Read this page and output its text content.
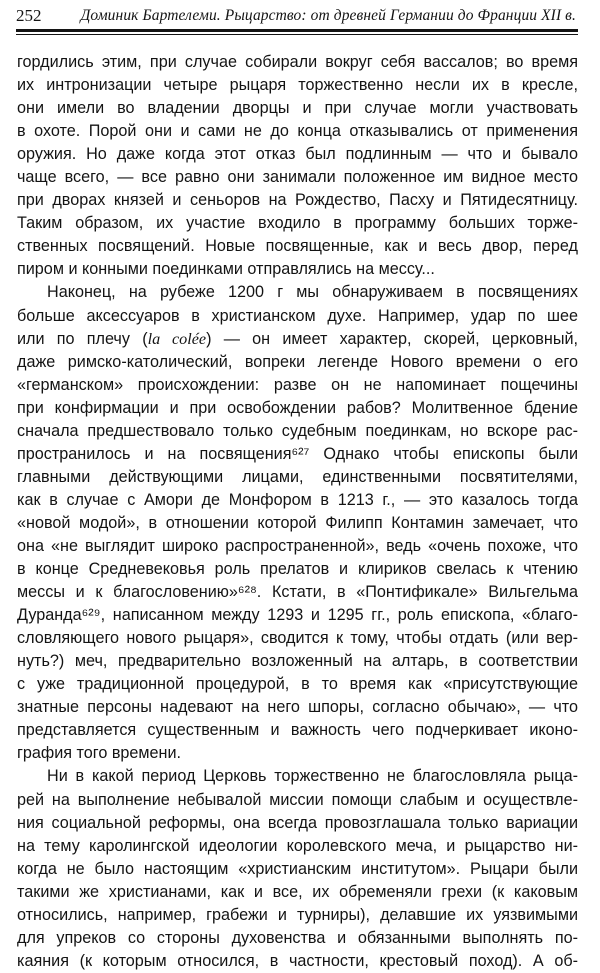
252	Доминик Бартелеми. Рыцарство: от древней Германии до Франции XII в.
гордились этим, при случае собирали вокруг себя вассалов; во время
их интронизации четыре рыцаря торжественно несли их в кресле,
они имели во владении дворцы и при случае могли участвовать
в охоте. Порой они и сами не до конца отказывались от применения
оружия. Но даже когда этот отказ был подлинным — что и бывало
чаще всего, — все равно они занимали положенное им видное место
при дворах князей и сеньоров на Рождество, Пасху и Пятидесятницу.
Таким образом, их участие входило в программу больших торже-
ственных посвящений. Новые посвященные, как и весь двор, перед
пиром и конными поединками отправлялись на мессу...
Наконец, на рубеже 1200 г мы обнаруживаем в посвящениях
больше аксессуаров в христианском духе. Например, удар по шее
или по плечу (la colée) — он имеет характер, скорей, церковный,
даже римско-католический, вопреки легенде Нового времени о его
«германском» происхождении: разве он не напоминает пощечины
при конфирмации и при освобождении рабов? Молитвенное бдение
сначала предшествовало только судебным поединкам, но вскоре рас-
пространилось и на посвящения⁶²⁷ Однако чтобы епископы были
главными действующими лицами, единственными посвятителями,
как в случае с Амори де Монфором в 1213 г., — это казалось тогда
«новой модой», в отношении которой Филипп Контамин замечает, что
она «не выглядит широко распространенной», ведь «очень похоже, что
в конце Средневековья роль прелатов и клириков свелась к чтению
мессы и к благословению»⁶²⁸. Кстати, в «Понтификале» Вильгельма
Дуранда⁶²⁹, написанном между 1293 и 1295 гг., роль епископа, «благо-
словляющего нового рыцаря», сводится к тому, чтобы отдать (или вер-
нуть?) меч, предварительно возложенный на алтарь, в соответствии
с уже традиционной процедурой, в то время как «присутствующие
знатные персоны надевают на него шпоры, согласно обычаю», — что
представляется существенным и важность чего подчеркивает иконо-
графия того времени.
Ни в какой период Церковь торжественно не благословляла рыца-
рей на выполнение небывалой миссии помощи слабым и осуществле-
ния социальной реформы, она всегда провозглашала только вариации
на тему каролингской идеологии королевского меча, и рыцарство ни-
когда не было настоящим «христианским институтом». Рыцари были
такими же христианами, как и все, их обременяли грехи (к каковым
относились, например, грабежи и турниры), делавшие их уязвимыми
для упреков со стороны духовенства и обязанными выполнять по-
каяния (к которым относился, в частности, крестовый поход). А об-
